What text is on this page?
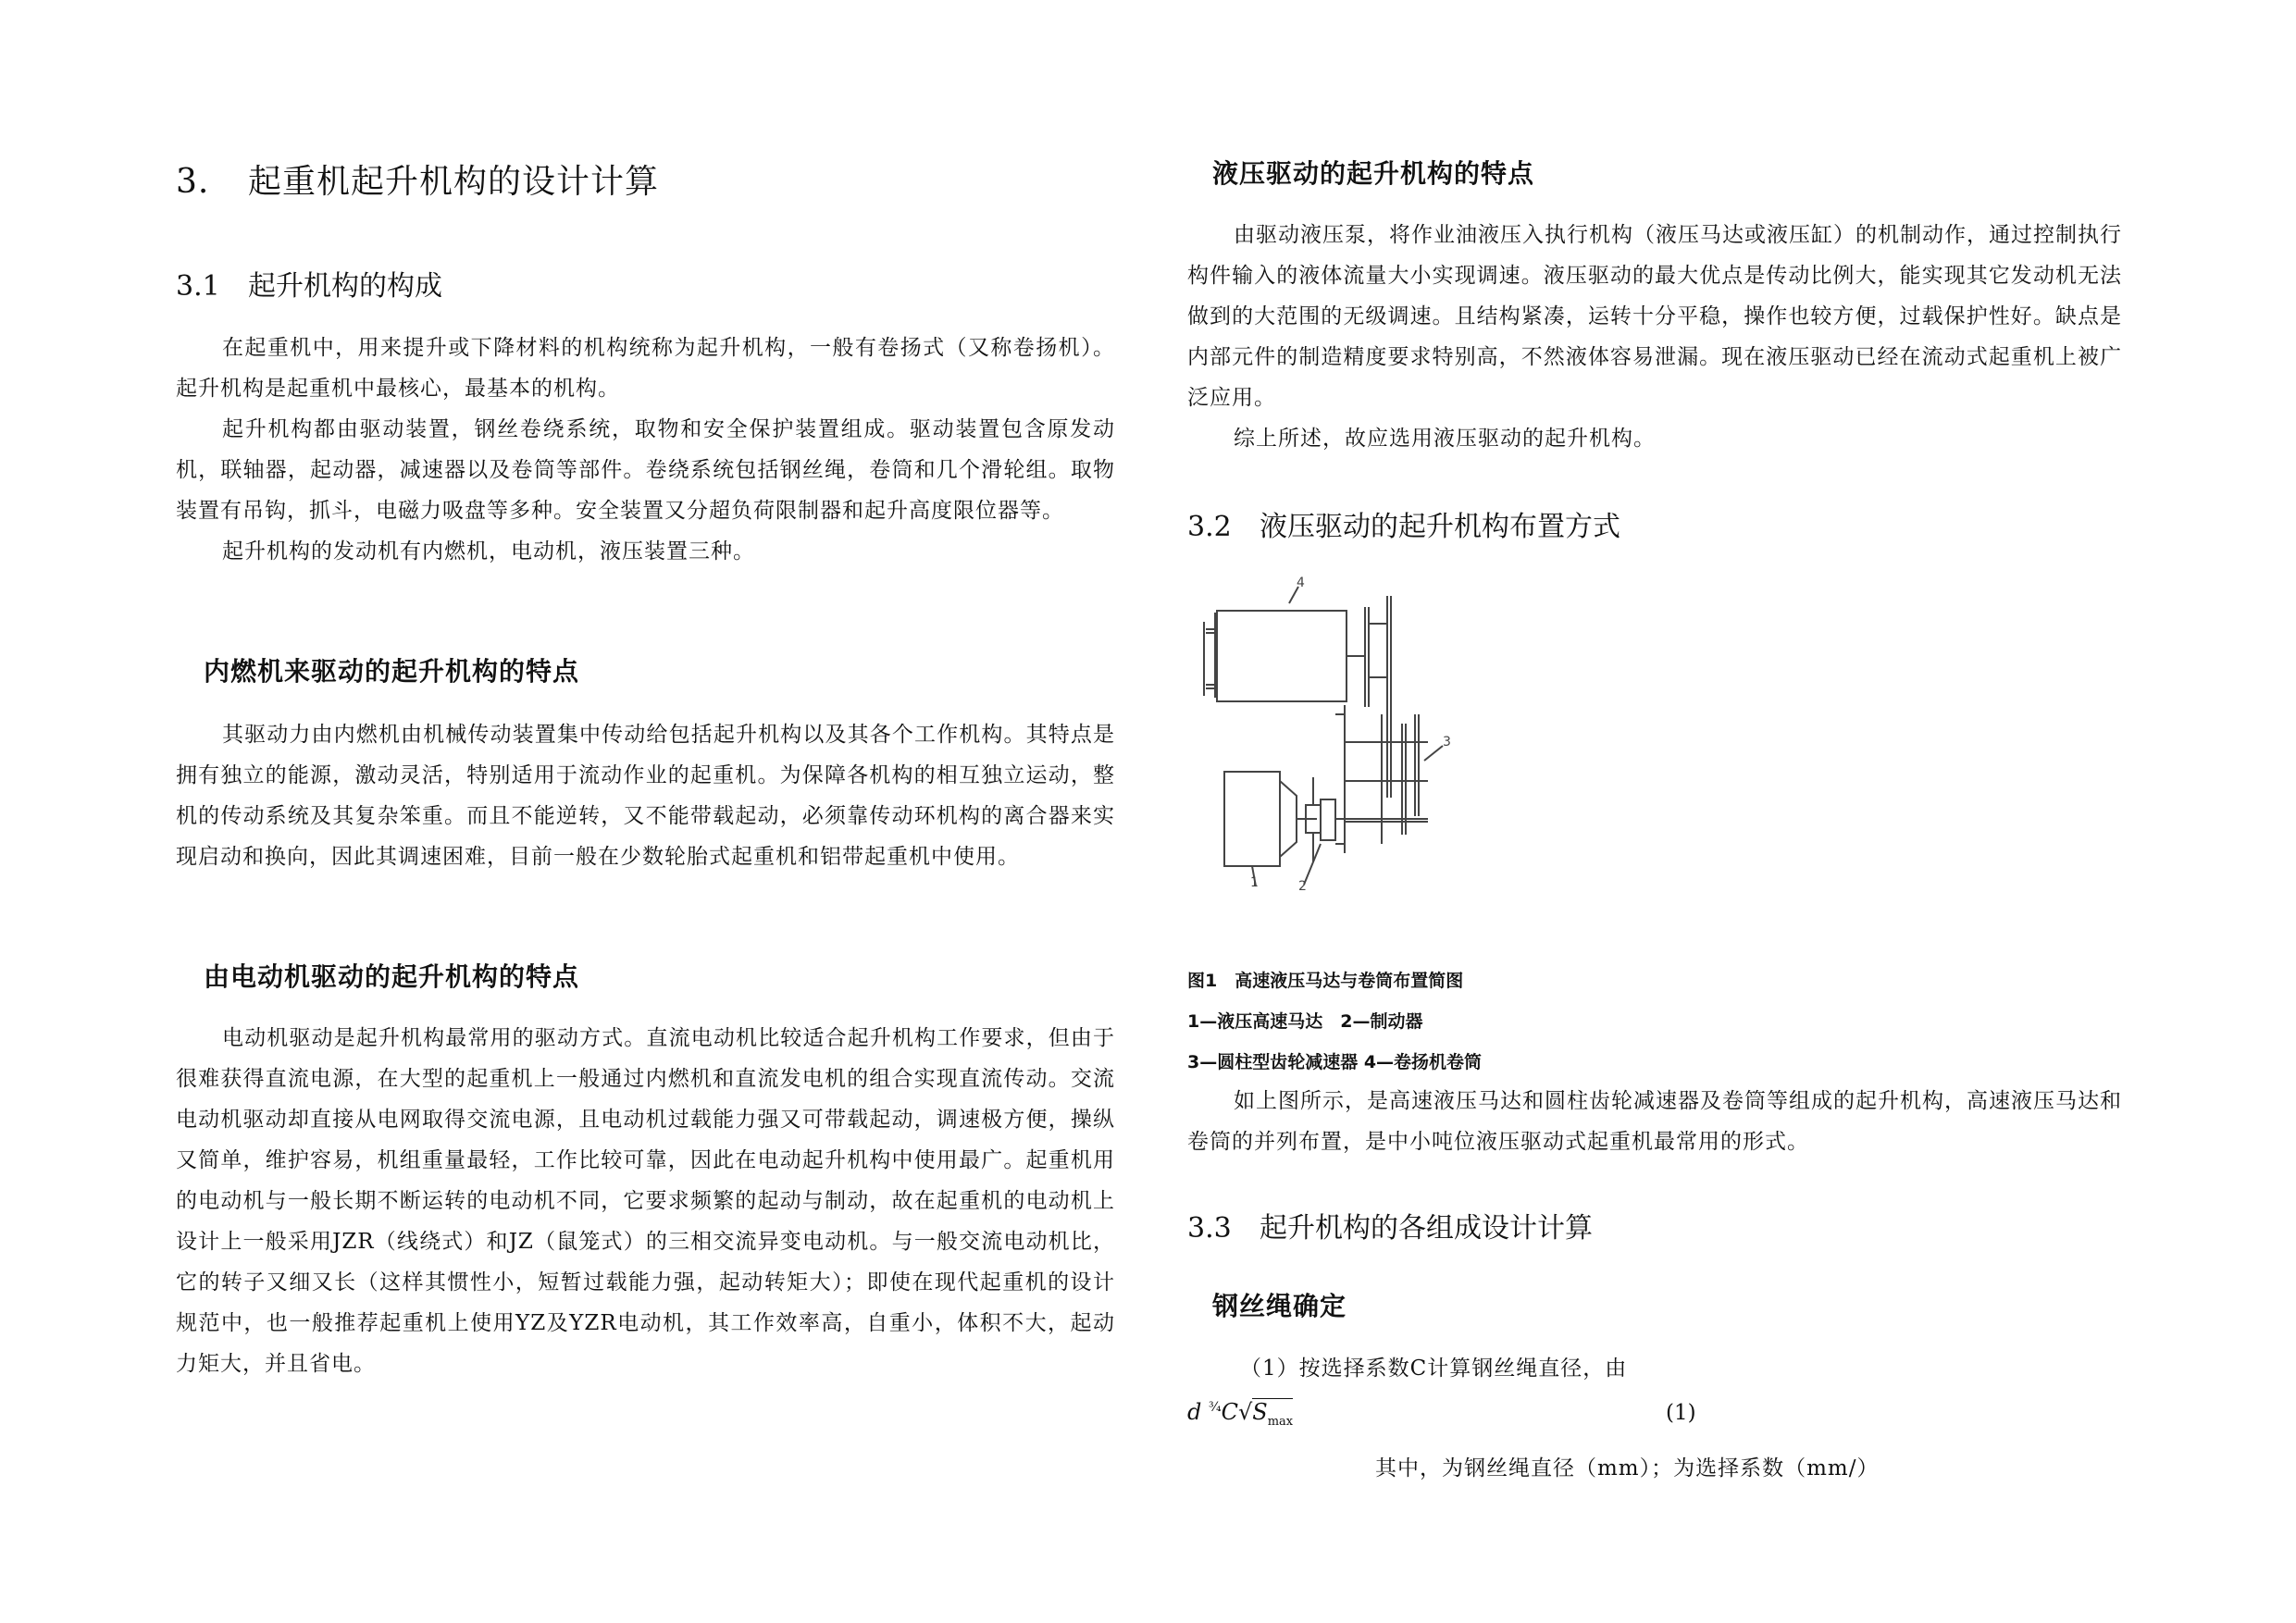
3. 起重机起升机构的设计计算
3.1 起升机构的构成

在起重机中，用来提升或下降材料的机构统称为起升机构，一般有卷扬式（又称卷扬机）。起升机构是起重机中最核心，最基本的机构。

起升机构都由驱动装置，钢丝卷绕系统，取物和安全保护装置组成。驱动装置包含原发动机，联轴器，起动器，减速器以及卷筒等部件。卷绕系统包括钢丝绳，卷筒和几个滑轮组。取物装置有吊钩，抓斗，电磁力吸盘等多种。安全装置又分超负荷限制器和起升高度限位器等。

起升机构的发动机有内燃机，电动机，液压装置三种。

内燃机来驱动的起升机构的特点

其驱动力由内燃机由机械传动装置集中传动给包括起升机构以及其各个工作机构。其特点是拥有独立的能源，激动灵活，特别适用于流动作业的起重机。为保障各机构的相互独立运动，整机的传动系统及其复杂笨重。而且不能逆转，又不能带载起动，必须靠传动环机构的离合器来实现启动和换向，因此其调速困难，目前一般在少数轮胎式起重机和铝带起重机中使用。

由电动机驱动的起升机构的特点

电动机驱动是起升机构最常用的驱动方式。直流电动机比较适合起升机构工作要求，但由于很难获得直流电源，在大型的起重机上一般通过内燃机和直流发电机的组合实现直流传动。交流电动机驱动却直接从电网取得交流电源，且电动机过载能力强又可带载起动，调速极方便，操纵又简单，维护容易，机组重量最轻，工作比较可靠，因此在电动起升机构中使用最广。起重机用的电动机与一般长期不断运转的电动机不同，它要求频繁的起动与制动，故在起重机的电动机上设计上一般采用JZR（线绕式）和JZ（鼠笼式）的三相交流异变电动机。与一般交流电动机比，它的转子又细又长（这样其惯性小，短暂过载能力强，起动转矩大）；即使在现代起重机的设计规范中，也一般推荐起重机上使用YZ及YZR电动机，其工作效率高，自重小，体积不大，起动力矩大，并且省电。

液压驱动的起升机构的特点

由驱动液压泵，将作业油液压入执行机构（液压马达或液压缸）的机制动作，通过控制执行构件输入的液体流量大小实现调速。液压驱动的最大优点是传动比例大，能实现其它发动机无法做到的大范围的无级调速。且结构紧凑，运转十分平稳，操作也较方便，过载保护性好。缺点是内部元件的制造精度要求特别高，不然液体容易泄漏。现在液压驱动已经在流动式起重机上被广泛应用。

综上所述，故应选用液压驱动的起升机构。

3.2 液压驱动的起升机构布置方式
4
3
1	2
图1　高速液压马达与卷筒布置简图
1—液压高速马达　2—制动器
3—圆柱型齿轮减速器 4—卷扬机卷筒

如上图所示，是高速液压马达和圆柱齿轮减速器及卷筒等组成的起升机构，高速液压马达和卷筒的并列布置，是中小吨位液压驱动式起重机最常用的形式。

3.3 起升机构的各组成设计计算
钢丝绳确定
（1）按选择系数C计算钢丝绳直径，由
d $^{^3⁄_4}C√S_{max}$	(1)
其中，为钢丝绳直径（mm）；为选择系数（mm/）
